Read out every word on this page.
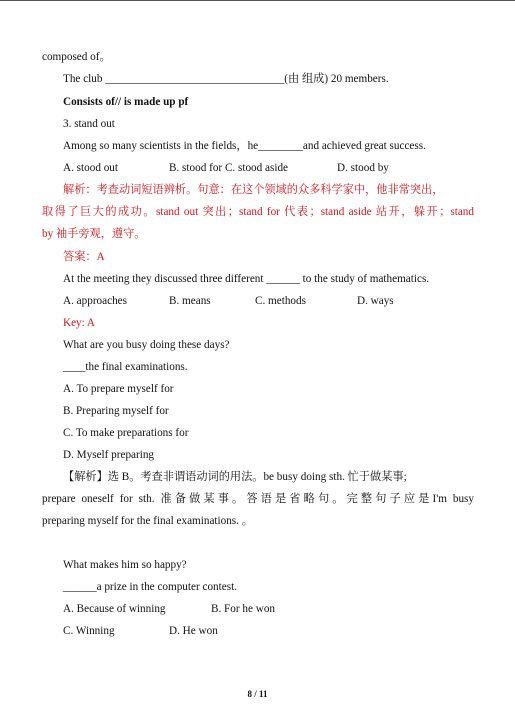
composed of。
The club ________________________________(由 组成) 20 members.
Consists of// is made up pf
3. stand out
Among so many scientists in the fields，he________and achieved great success.
A. stood out	B. stood for C. stood aside	D. stood by
解析：考查动词短语辨析。句意：在这个领域的众多科学家中，他非常突出，
取得了巨大的成功。stand out 突出；stand for 代表；stand aside 站开，躲开；stand
by 袖手旁观，遵守。
答案：A
At the meeting they discussed three different ______ to the study of mathematics.
A. approaches	B. means	C. methods	D. ways
Key: A
What are you busy doing these days?
____the final examinations.
A. To prepare myself for
B. Preparing myself for
C. To make preparations for
D. Myself preparing
【解析】选 B。考查非谓语动词的用法。be busy doing sth. 忙于做某事;
prepare oneself for sth. 准备做某事。答语是省略句。完整句子应是I'm busy
preparing myself for the final examinations. 。
What makes him so happy?
______a prize in the computer contest.
A. Because of winning	B. For he won
C. Winning	D. He won
8 / 11
